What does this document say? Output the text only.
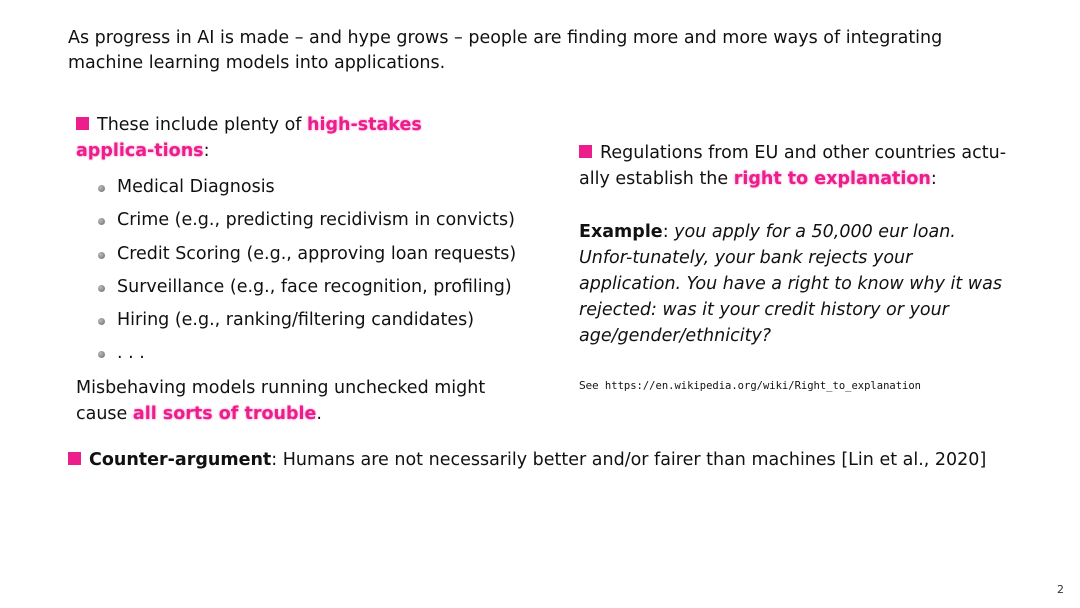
As progress in AI is made – and hype grows – people are finding more and more ways of integrating machine learning models into applications.
These include plenty of high-stakes applica-tions:
Medical Diagnosis
Crime (e.g., predicting recidivism in convicts)
Credit Scoring (e.g., approving loan requests)
Surveillance (e.g., face recognition, profiling)
Hiring (e.g., ranking/filtering candidates)
. . .
Misbehaving models running unchecked might cause all sorts of trouble.
Regulations from EU and other countries actu-ally establish the right to explanation:
Example: you apply for a 50,000 eur loan. Unfor-tunately, your bank rejects your application. You have a right to know why it was rejected: was it your credit history or your age/gender/ethnicity?
See https://en.wikipedia.org/wiki/Right_to_explanation
Counter-argument: Humans are not necessarily better and/or fairer than machines [Lin et al., 2020]
2
